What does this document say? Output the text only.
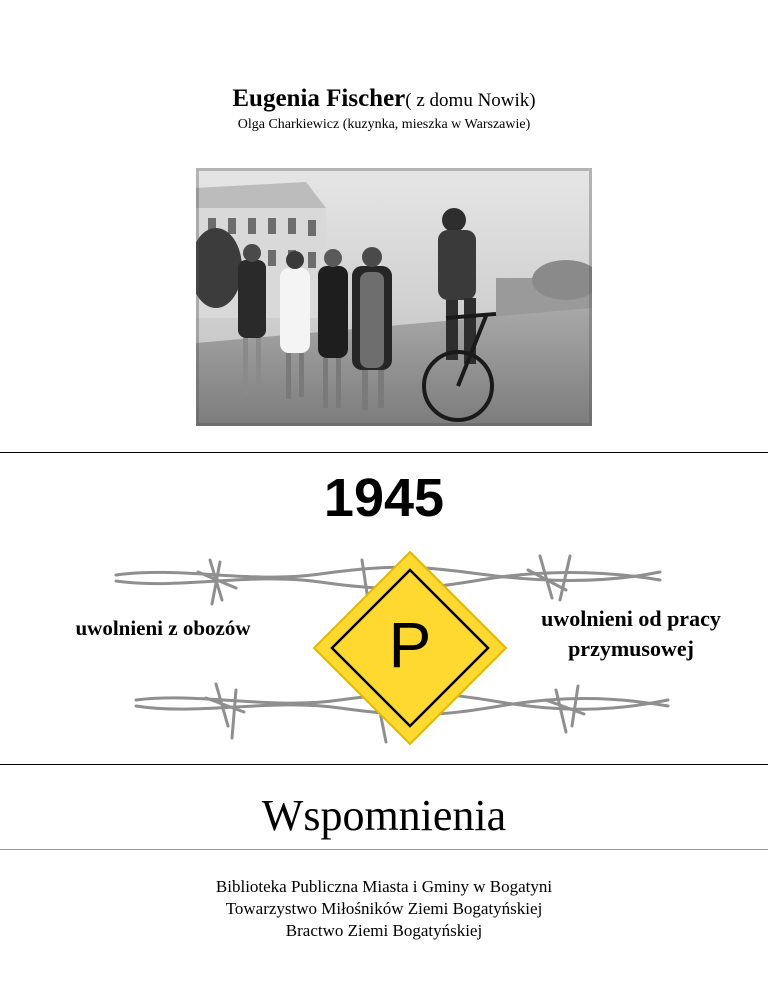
Eugenia Fischer( z domu Nowik)
Olga Charkiewicz (kuzynka, mieszka w Warszawie)
1945
P
uwolnieni z obozów	uwolnieni od pracy
przymusowej
Wspomnienia
Biblioteka Publiczna Miasta i Gminy w Bogatyni
Towarzystwo Miłośników Ziemi Bogatyńskiej
Bractwo Ziemi Bogatyńskiej
